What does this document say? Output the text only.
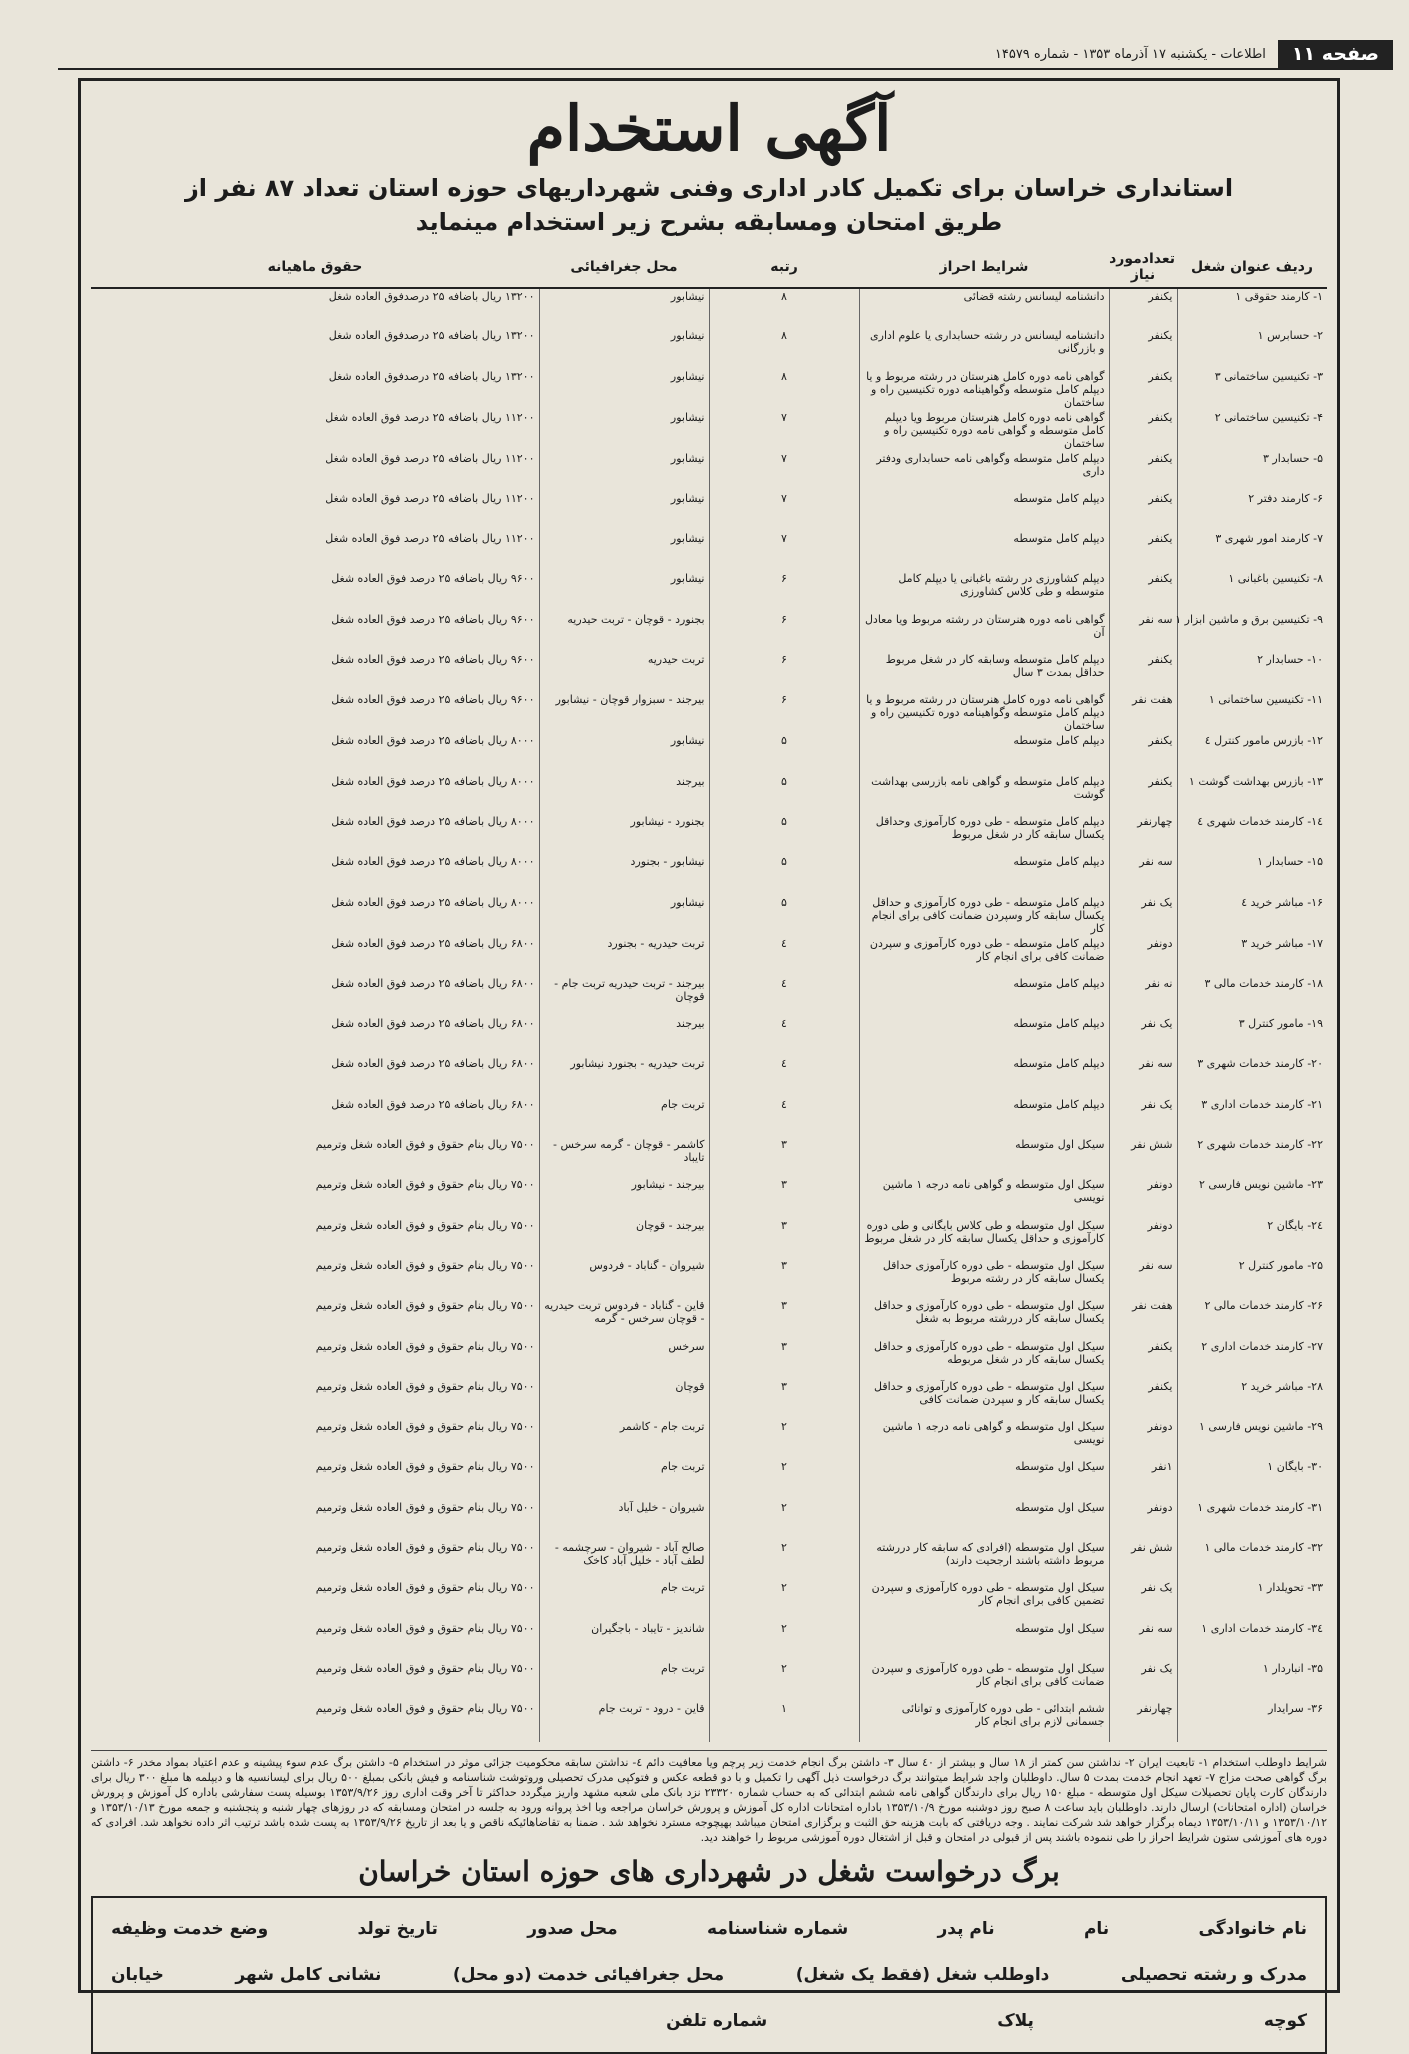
صفحه ۱۱
اطلاعات - یکشنبه ۱۷ آذرماه ۱۳۵۳ - شماره ۱۴۵۷۹
آگهی استخدام
استانداری خراسان برای تکمیل کادر اداری وفنی شهرداریهای حوزه استان تعداد ۸۷ نفر از
طریق امتحان ومسابقه بشرح زیر استخدام مینماید
ردیف عنوان شغل	تعدادمورد نیاز	شرایط احراز	رتبه	محل جغرافیائی	حقوق ماهیانه
۱- کارمند حقوقی ۱	یکنفر	دانشنامه لیسانس رشته قضائی	۸	نیشابور	۱۳۲۰۰ ریال باضافه ۲۵ درصدفوق العاده شغل
۲- حسابرس ۱	یکنفر	دانشنامه لیسانس در رشته حسابداری یا علوم اداری و بازرگانی	۸	نیشابور	۱۳۲۰۰ ریال باضافه ۲۵ درصدفوق العاده شغل
۳- تکنیسین ساختمانی ۳	یکنفر	گواهی نامه دوره کامل هنرستان در رشته مربوط و یا دیپلم کامل متوسطه وگواهینامه دوره تکنیسین راه و ساختمان	۸	نیشابور	۱۳۲۰۰ ریال باضافه ۲۵ درصدفوق العاده شغل
۴- تکنیسین ساختمانی ۲	یکنفر	گواهی نامه دوره کامل هنرستان مربوط ویا دیپلم کامل متوسطه و گواهی نامه دوره تکنیسین راه و ساختمان	۷	نیشابور	۱۱۲۰۰ ریال باضافه ۲۵ درصد فوق العاده شغل
۵- حسابدار ۳	یکنفر	دیپلم کامل متوسطه وگواهی نامه حسابداری ودفتر داری	۷	نیشابور	۱۱۲۰۰ ریال باضافه ۲۵ درصد فوق العاده شغل
۶- کارمند دفتر ۲	یکنفر	دیپلم کامل متوسطه	۷	نیشابور	۱۱۲۰۰ ریال باضافه ۲۵ درصد فوق العاده شغل
۷- کارمند امور شهری ۳	یکنفر	دیپلم کامل متوسطه	۷	نیشابور	۱۱۲۰۰ ریال باضافه ۲۵ درصد فوق العاده شغل
۸- تکنیسین باغبانی ۱	یکنفر	دیپلم کشاورزی در رشته باغبانی یا دیپلم کامل متوسطه و طی کلاس کشاورزی	۶	نیشابور	۹۶۰۰ ریال باضافه ۲۵ درصد فوق العاده شغل
۹- تکنیسین برق و ماشین ابزار ۱	سه نفر	گواهی نامه دوره هنرستان در رشته مربوط ویا معادل آن	۶	بجنورد - قوچان - تربت حیدریه	۹۶۰۰ ریال باضافه ۲۵ درصد فوق العاده شغل
۱۰- حسابدار ۲	یکنفر	دیپلم کامل متوسطه وسابقه کار در شغل مربوط حداقل بمدت ۳ سال	۶	تربت حیدریه	۹۶۰۰ ریال باضافه ۲۵ درصد فوق العاده شغل
۱۱- تکنیسین ساختمانی ۱	هفت نفر	گواهی نامه دوره کامل هنرستان در رشته مربوط و یا دیپلم کامل متوسطه وگواهینامه دوره تکنیسین راه و ساختمان	۶	بیرجند - سبزوار قوچان - نیشابور	۹۶۰۰ ریال باضافه ۲۵ درصد فوق العاده شغل
۱۲- بازرس مامور کنترل ٤	یکنفر	دیپلم کامل متوسطه	۵	نیشابور	۸۰۰۰ ریال باضافه ۲۵ درصد فوق العاده شغل
۱۳- بازرس بهداشت گوشت ۱	یکنفر	دیپلم کامل متوسطه و گواهی نامه بازرسی بهداشت گوشت	۵	بیرجند	۸۰۰۰ ریال باضافه ۲۵ درصد فوق العاده شغل
۱٤- کارمند خدمات شهری ٤	چهارنفر	دیپلم کامل متوسطه - طی دوره کارآموزی وحداقل یکسال سابقه کار در شغل مربوط	۵	بجنورد - نیشابور	۸۰۰۰ ریال باضافه ۲۵ درصد فوق العاده شغل
۱۵- حسابدار ۱	سه نفر	دیپلم کامل متوسطه	۵	نیشابور - بجنورد	۸۰۰۰ ریال باضافه ۲۵ درصد فوق العاده شغل
۱۶- مباشر خرید ٤	یک نفر	دیپلم کامل متوسطه - طی دوره کارآموزی و حداقل یکسال سابقه کار وسپردن ضمانت کافی برای انجام کار	۵	نیشابور	۸۰۰۰ ریال باضافه ۲۵ درصد فوق العاده شغل
۱۷- مباشر خرید ۳	دونفر	دیپلم کامل متوسطه - طی دوره کارآموزی و سپردن ضمانت کافی برای انجام کار	٤	تربت حیدریه - بجنورد	۶۸۰۰ ریال باضافه ۲۵ درصد فوق العاده شغل
۱۸- کارمند خدمات مالی ۳	نه نفر	دیپلم کامل متوسطه	٤	بیرجند - تربت حیدریه تربت جام - قوچان	۶۸۰۰ ریال باضافه ۲۵ درصد فوق العاده شغل
۱۹- مامور کنترل ۳	یک نفر	دیپلم کامل متوسطه	٤	بیرجند	۶۸۰۰ ریال باضافه ۲۵ درصد فوق العاده شغل
۲۰- کارمند خدمات شهری ۳	سه نفر	دیپلم کامل متوسطه	٤	تربت حیدریه - بجنورد نیشابور	۶۸۰۰ ریال باضافه ۲۵ درصد فوق العاده شغل
۲۱- کارمند خدمات اداری ۳	یک نفر	دیپلم کامل متوسطه	٤	تربت جام	۶۸۰۰ ریال باضافه ۲۵ درصد فوق العاده شغل
۲۲- کارمند خدمات شهری ۲	شش نفر	سیکل اول متوسطه	۳	کاشمر - قوچان - گرمه سرخس - تایباد	۷۵۰۰ ریال بنام حقوق و فوق العاده شغل وترمیم
۲۳- ماشین نویس فارسی ۲	دونفر	سیکل اول متوسطه و گواهی نامه درجه ۱ ماشین نویسی	۳	بیرجند - نیشابور	۷۵۰۰ ریال بنام حقوق و فوق العاده شغل وترمیم
۲٤- بایگان ۲	دونفر	سیکل اول متوسطه و طی کلاس بایگانی و طی دوره کارآموزی و حداقل یکسال سابقه کار در شغل مربوط	۳	بیرجند - قوچان	۷۵۰۰ ریال بنام حقوق و فوق العاده شغل وترمیم
۲۵- مامور کنترل ۲	سه نفر	سیکل اول متوسطه - طی دوره کارآموزی حداقل یکسال سابقه کار در رشته مربوط	۳	شیروان - گناباد - فردوس	۷۵۰۰ ریال بنام حقوق و فوق العاده شغل وترمیم
۲۶- کارمند خدمات مالی ۲	هفت نفر	سیکل اول متوسطه - طی دوره کارآموزی و حداقل یکسال سابقه کار دررشته مربوط به شغل	۳	قاین - گناباد - فردوس تربت حیدریه - قوچان سرخس - گرمه	۷۵۰۰ ریال بنام حقوق و فوق العاده شغل وترمیم
۲۷- کارمند خدمات اداری ۲	یکنفر	سیکل اول متوسطه - طی دوره کارآموزی و حداقل یکسال سابقه کار در شغل مربوطه	۳	سرخس	۷۵۰۰ ریال بنام حقوق و فوق العاده شغل وترمیم
۲۸- مباشر خرید ۲	یکنفر	سیکل اول متوسطه - طی دوره کارآموزی و حداقل یکسال سابقه کار و سپردن ضمانت کافی	۳	قوچان	۷۵۰۰ ریال بنام حقوق و فوق العاده شغل وترمیم
۲۹- ماشین نویس فارسی ۱	دونفر	سیکل اول متوسطه و گواهی نامه درجه ۱ ماشین نویسی	۲	تربت جام - کاشمر	۷۵۰۰ ریال بنام حقوق و فوق العاده شغل وترمیم
۳۰- بایگان ۱	۱نفر	سیکل اول متوسطه	۲	تربت جام	۷۵۰۰ ریال بنام حقوق و فوق العاده شغل وترمیم
۳۱- کارمند خدمات شهری ۱	دونفر	سیکل اول متوسطه	۲	شیروان - خلیل آباد	۷۵۰۰ ریال بنام حقوق و فوق العاده شغل وترمیم
۳۲- کارمند خدمات مالی ۱	شش نفر	سیکل اول متوسطه (افرادی که سابقه کار دررشته مربوط داشته باشند ارجحیت دارند)	۲	صالح آباد - شیروان - سرچشمه - لطف آباد - خلیل آباد کاخک	۷۵۰۰ ریال بنام حقوق و فوق العاده شغل وترمیم
۳۳- تحویلدار ۱	یک نفر	سیکل اول متوسطه - طی دوره کارآموزی و سپردن تضمین کافی برای انجام کار	۲	تربت جام	۷۵۰۰ ریال بنام حقوق و فوق العاده شغل وترمیم
۳٤- کارمند خدمات اداری ۱	سه نفر	سیکل اول متوسطه	۲	شاندیز - تایباد - باجگیران	۷۵۰۰ ریال بنام حقوق و فوق العاده شغل وترمیم
۳۵- انباردار ۱	یک نفر	سیکل اول متوسطه - طی دوره کارآموزی و سپردن ضمانت کافی برای انجام کار	۲	تربت جام	۷۵۰۰ ریال بنام حقوق و فوق العاده شغل وترمیم
۳۶- سرایدار	چهارنفر	ششم ابتدائی - طی دوره کارآموزی و توانائی جسمانی لازم برای انجام کار	۱	قاین - درود - تربت جام	۷۵۰۰ ریال بنام حقوق و فوق العاده شغل وترمیم
شرایط داوطلب استخدام ۱- تابعیت ایران ۲- نداشتن سن کمتر از ۱۸ سال و بیشتر از ٤۰ سال ۳- داشتن برگ انجام خدمت زیر پرچم ویا معافیت دائم ٤- نداشتن سابقه محکومیت جزائی موثر در استخدام ۵- داشتن برگ عدم سوء پیشینه و عدم اعتیاد بمواد مخدر ۶- داشتن برگ گواهی صحت مزاج ۷- تعهد انجام خدمت بمدت ۵ سال. داوطلبان واجد شرایط میتوانند برگ درخواست ذیل آگهی را تکمیل و با دو قطعه عکس و فتوکپی مدرک تحصیلی وروتوشت شناسنامه و فیش بانکی بمبلغ ۵۰۰ ریال برای لیسانسیه ها و دیپلمه ها مبلغ ۳۰۰ ریال برای دارندگان کارت پایان تحصیلات سیکل اول متوسطه - مبلغ ۱۵۰ ریال برای دارندگان گواهی نامه ششم ابتدائی که به حساب شماره ۲۳۳۲۰ نزد بانک ملی شعبه مشهد واریز میگردد حداکثر تا آخر وقت اداری روز ۱۳۵۳/۹/۲۶ بوسیله پست سفارشی باداره کل آموزش و پرورش خراسان (اداره امتحانات) ارسال دارند. داوطلبان باید ساعت ۸ صبح روز دوشنبه مورخ ۱۳۵۳/۱۰/۹ باداره امتحانات اداره کل آموزش و پرورش خراسان مراجعه وبا اخذ پروانه ورود به جلسه در امتحان ومسابقه که در روزهای چهار شنبه و پنجشنبه و جمعه مورخ ۱۳۵۳/۱۰/۱۳ و ۱۳۵۳/۱۰/۱۲ و ۱۳۵۳/۱۰/۱۱ دیماه برگزار خواهد شد شرکت نمایند . وجه دریافتی که بابت هزینه حق الثبت و برگزاری امتحان میباشد بهیچوجه مسترد نخواهد شد . ضمنا به تقاضاهائیکه ناقص و یا بعد از تاریخ ۱۳۵۳/۹/۲۶ به پست شده باشد ترتیب اثر داده نخواهد شد. افرادی که دوره های آموزشی ستون شرایط احراز را طی ننموده باشند پس از قبولی در امتحان و قبل از اشتغال دوره آموزشی مربوط را خواهند دید.
برگ درخواست شغل در شهرداری های حوزه استان خراسان
نام خانوادگی
نام
نام پدر
شماره شناسنامه
محل صدور
تاریخ تولد
وضع خدمت وظیفه
مدرک و رشته تحصیلی
داوطلب شغل (فقط یک شغل)
محل جغرافیائی خدمت (دو محل)
نشانی کامل شهر
خیابان
کوچه
پلاک
شماره تلفن
